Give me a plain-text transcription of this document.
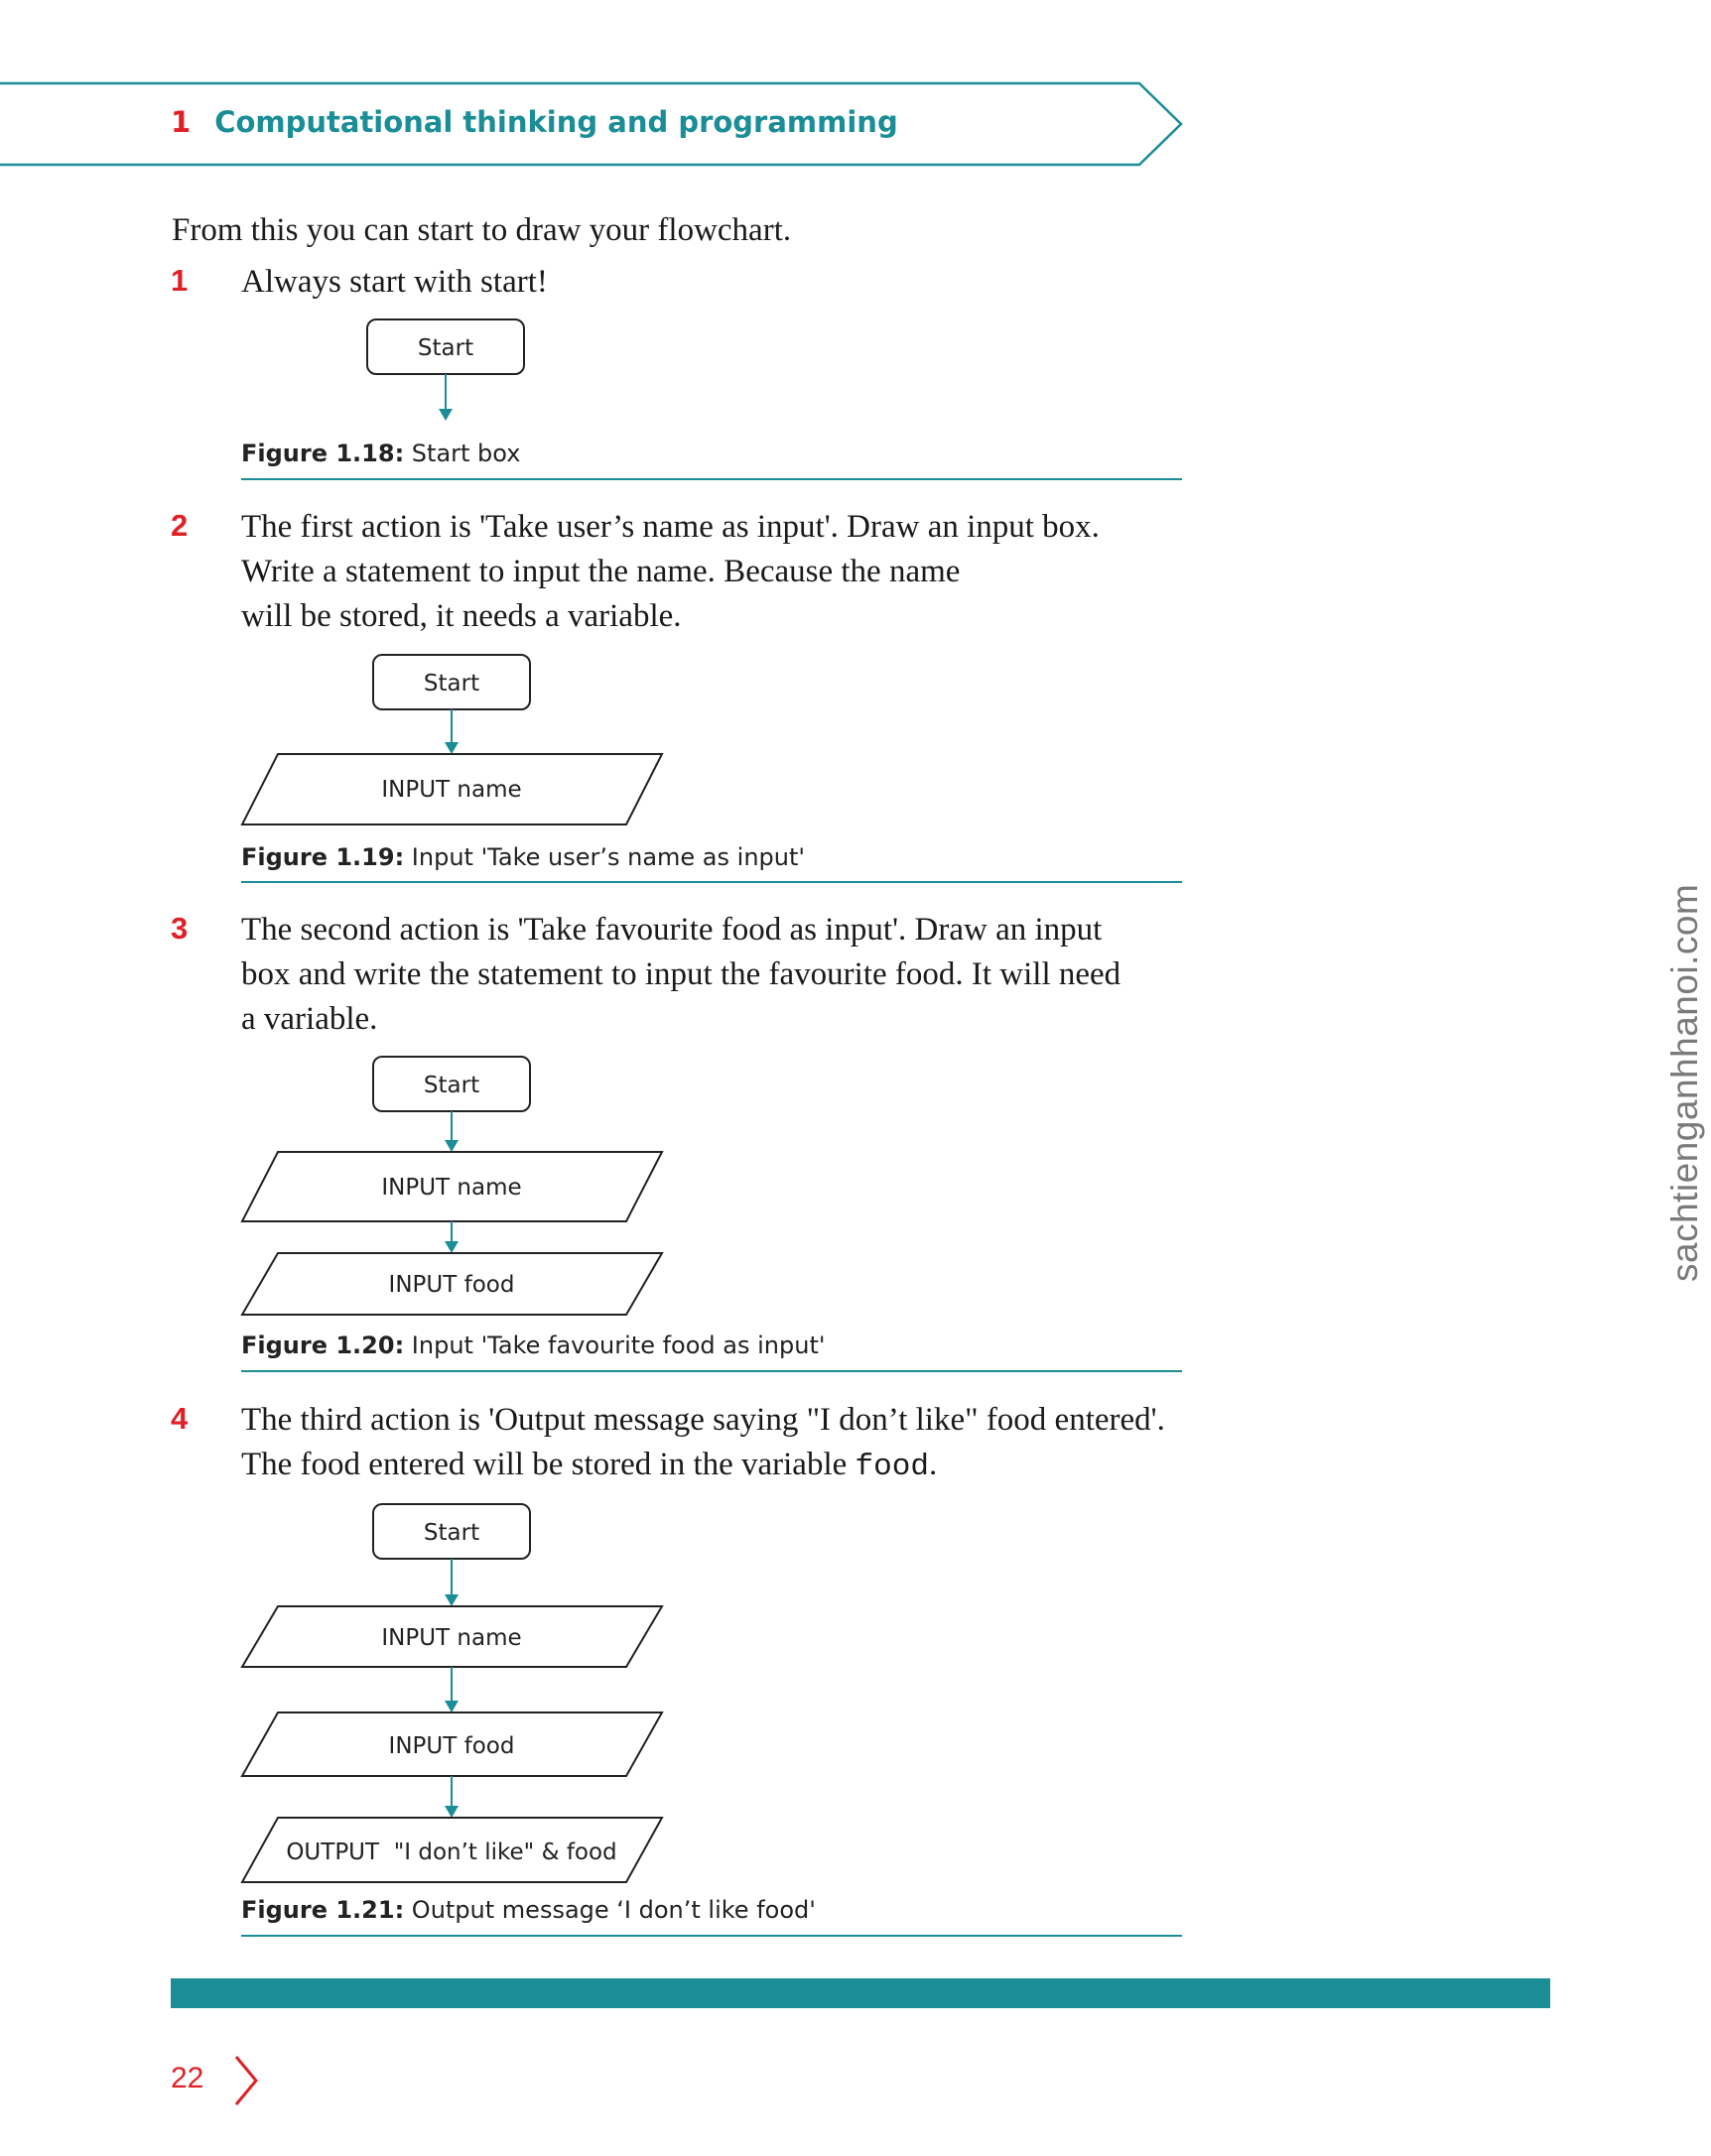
1 Computational thinking and programming
From this you can start to draw your flowchart.
1 Always start with start!
Start
Figure 1.18: Start box
2 The first action is 'Take user’s name as input'. Draw an input box.
Write a statement to input the name. Because the name
will be stored, it needs a variable.
Start
INPUT name
Figure 1.19: Input 'Take user’s name as input'
3 The second action is 'Take favourite food as input'. Draw an input
box and write the statement to input the favourite food. It will need
a variable.
Start
INPUT name
INPUT food
Figure 1.20: Input 'Take favourite food as input'
4 The third action is 'Output message saying "I don’t like" food entered'.
The food entered will be stored in the variable food.
Start
INPUT name
INPUT food
OUTPUT  "I don’t like" & food
Figure 1.21: Output message ‘I don’t like food'
22
sachtienganhhanoi.com
